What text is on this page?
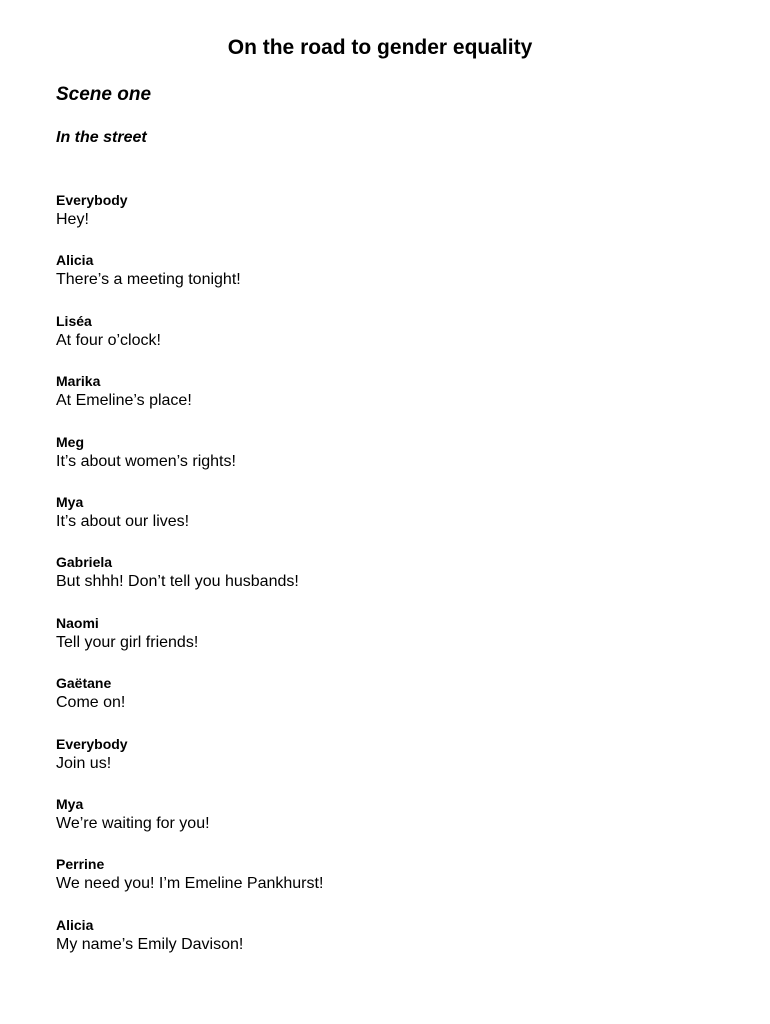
On the road to gender equality
Scene one
In the street
Everybody
Hey!
Alicia
There’s a meeting tonight!
Liséa
At four o’clock!
Marika
At Emeline’s place!
Meg
It’s about women’s rights!
Mya
It’s about our lives!
Gabriela
But shhh! Don’t tell you husbands!
Naomi
Tell your girl friends!
Gaëtane
Come on!
Everybody
Join us!
Mya
We’re waiting for you!
Perrine
We need you! I’m Emeline Pankhurst!
Alicia
My name’s Emily Davison!
